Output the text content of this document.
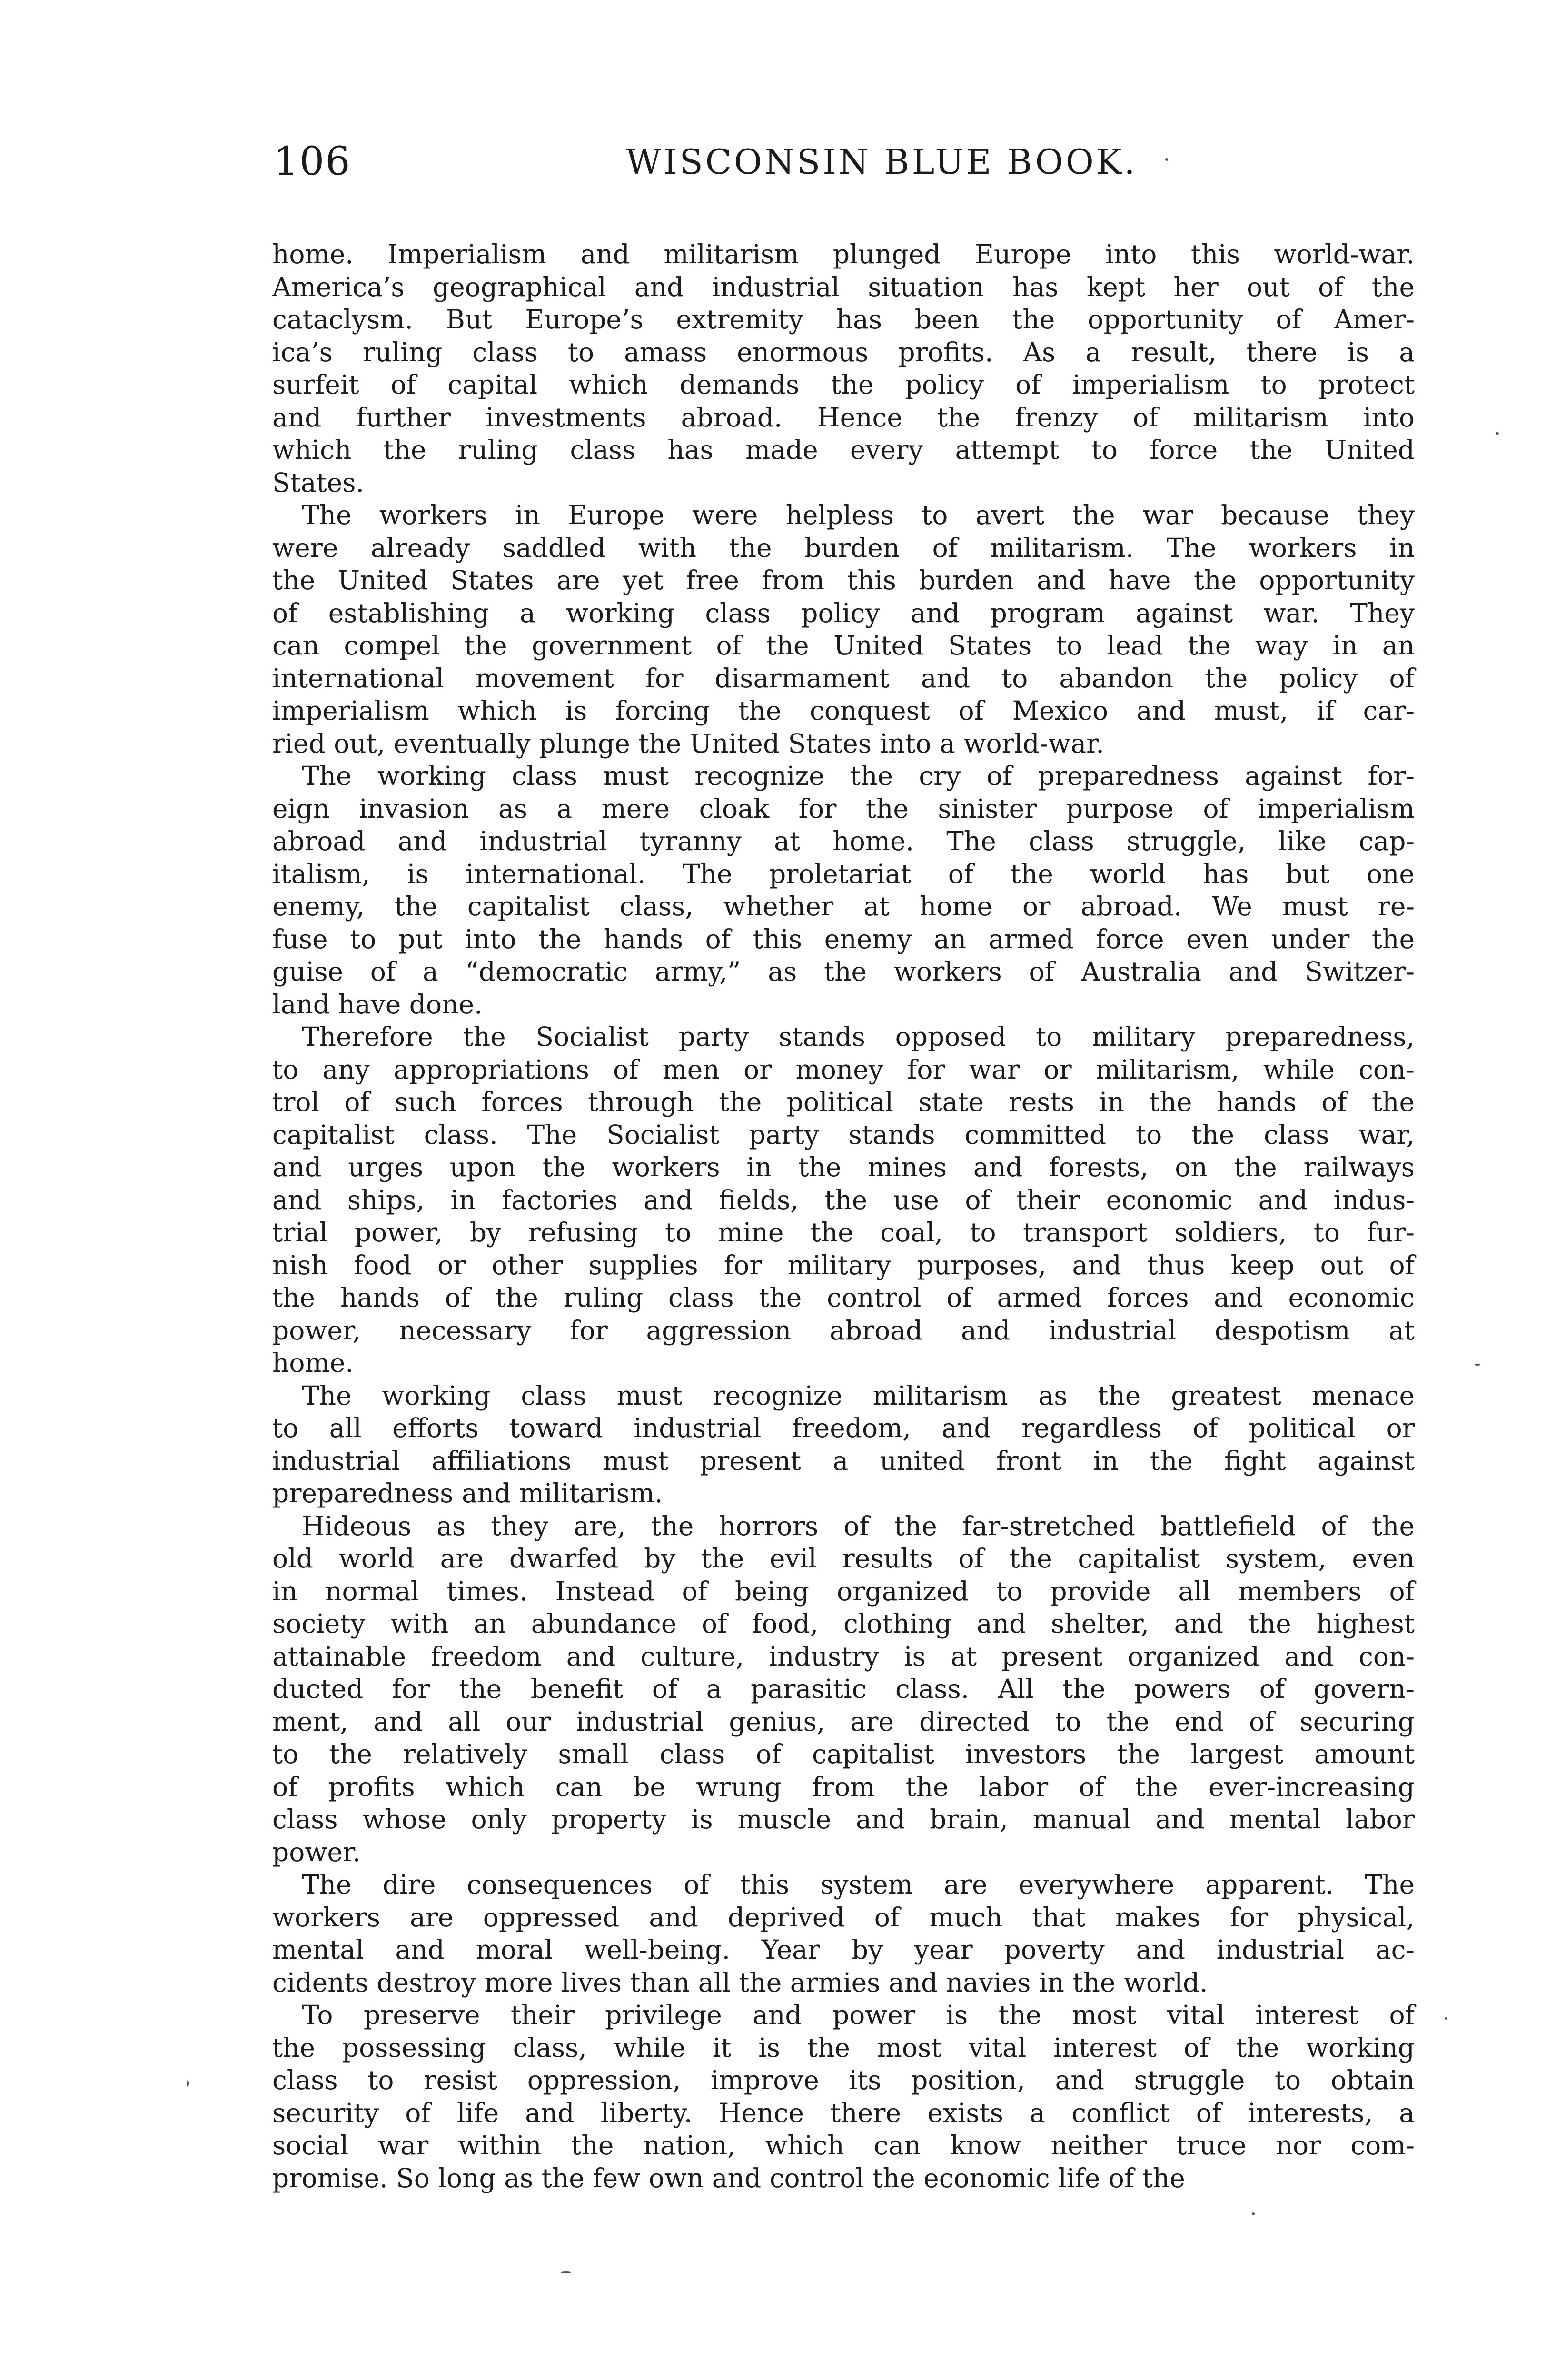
106	WISCONSIN BLUE BOOK.
home. Imperialism and militarism plunged Europe into this world-war.
America’s geographical and industrial situation has kept her out of the
cataclysm. But Europe’s extremity has been the opportunity of Amer-
ica’s ruling class to amass enormous profits. As a result, there is a
surfeit of capital which demands the policy of imperialism to protect
and further investments abroad. Hence the frenzy of militarism into
which the ruling class has made every attempt to force the United
States.
The workers in Europe were helpless to avert the war because they
were already saddled with the burden of militarism. The workers in
the United States are yet free from this burden and have the opportunity
of establishing a working class policy and program against war. They
can compel the government of the United States to lead the way in an
international movement for disarmament and to abandon the policy of
imperialism which is forcing the conquest of Mexico and must, if car-
ried out, eventually plunge the United States into a world-war.
The working class must recognize the cry of preparedness against for-
eign invasion as a mere cloak for the sinister purpose of imperialism
abroad and industrial tyranny at home. The class struggle, like cap-
italism, is international. The proletariat of the world has but one
enemy, the capitalist class, whether at home or abroad. We must re-
fuse to put into the hands of this enemy an armed force even under the
guise of a “democratic army,” as the workers of Australia and Switzer-
land have done.
Therefore the Socialist party stands opposed to military preparedness,
to any appropriations of men or money for war or militarism, while con-
trol of such forces through the political state rests in the hands of the
capitalist class. The Socialist party stands committed to the class war,
and urges upon the workers in the mines and forests, on the railways
and ships, in factories and fields, the use of their economic and indus-
trial power, by refusing to mine the coal, to transport soldiers, to fur-
nish food or other supplies for military purposes, and thus keep out of
the hands of the ruling class the control of armed forces and economic
power, necessary for aggression abroad and industrial despotism at
home.
The working class must recognize militarism as the greatest menace
to all efforts toward industrial freedom, and regardless of political or
industrial affiliations must present a united front in the fight against
preparedness and militarism.
Hideous as they are, the horrors of the far-stretched battlefield of the
old world are dwarfed by the evil results of the capitalist system, even
in normal times. Instead of being organized to provide all members of
society with an abundance of food, clothing and shelter, and the highest
attainable freedom and culture, industry is at present organized and con-
ducted for the benefit of a parasitic class. All the powers of govern-
ment, and all our industrial genius, are directed to the end of securing
to the relatively small class of capitalist investors the largest amount
of profits which can be wrung from the labor of the ever-increasing
class whose only property is muscle and brain, manual and mental labor
power.
The dire consequences of this system are everywhere apparent. The
workers are oppressed and deprived of much that makes for physical,
mental and moral well-being. Year by year poverty and industrial ac-
cidents destroy more lives than all the armies and navies in the world.
To preserve their privilege and power is the most vital interest of
the possessing class, while it is the most vital interest of the working
class to resist oppression, improve its position, and struggle to obtain
security of life and liberty. Hence there exists a conflict of interests, a
social war within the nation, which can know neither truce nor com-
promise. So long as the few own and control the economic life of the
